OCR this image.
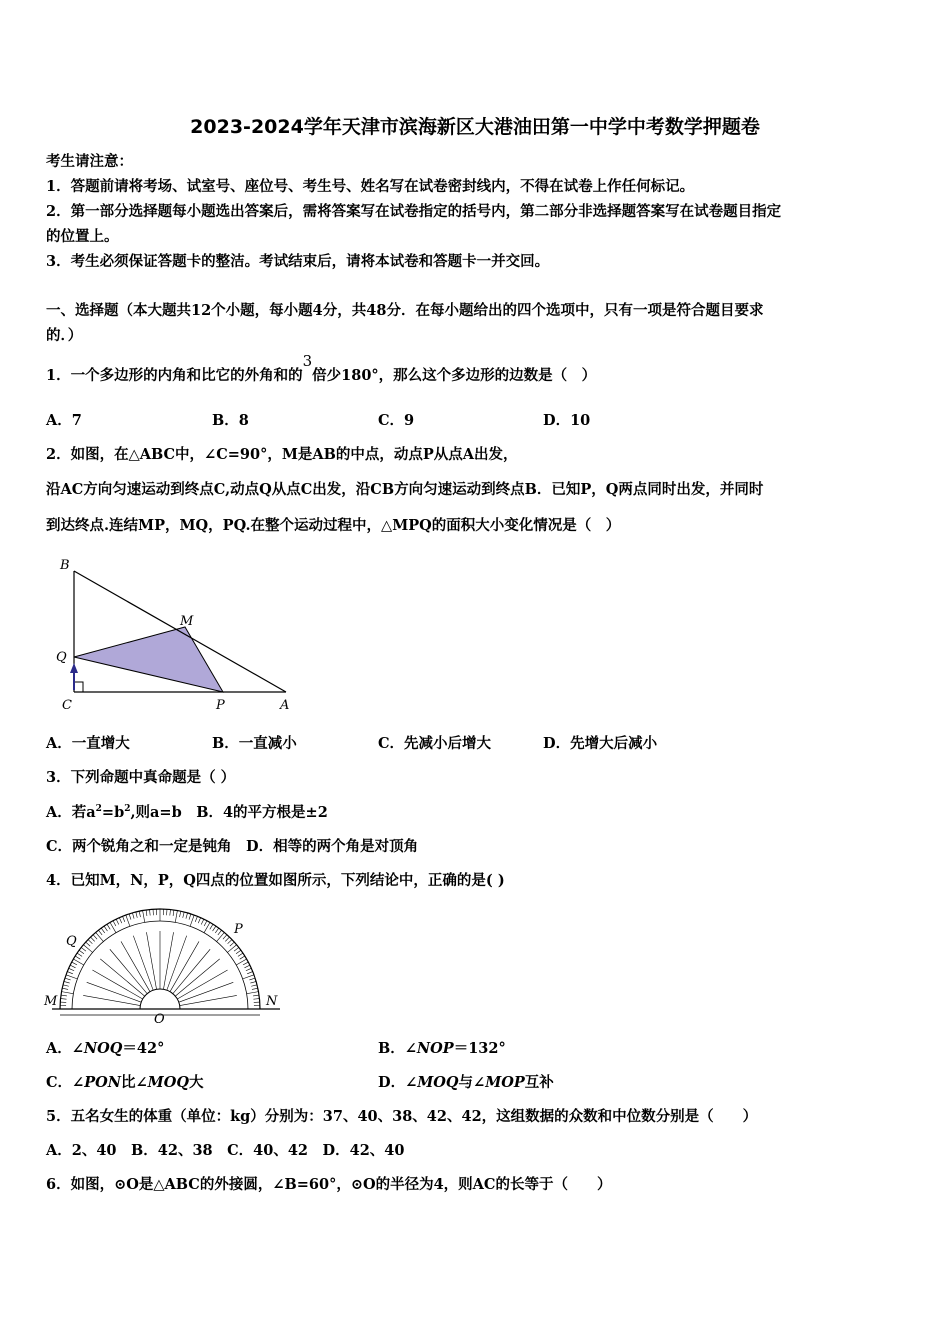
2023-2024学年天津市滨海新区大港油田第一中学中考数学押题卷
考生请注意：
1．答题前请将考场、试室号、座位号、考生号、姓名写在试卷密封线内，不得在试卷上作任何标记。
2．第一部分选择题每小题选出答案后，需将答案写在试卷指定的括号内，第二部分非选择题答案写在试卷题目指定
的位置上。
3．考生必须保证答题卡的整洁。考试结束后，请将本试卷和答题卡一并交回。
一、选择题（本大题共12个小题，每小题4分，共48分．在每小题给出的四个选项中，只有一项是符合题目要求
的．）
1．一个多边形的内角和比它的外角和的3倍少180°，那么这个多边形的边数是（　）
A．7	B．8	C．9	D．10
2．如图，在△ABC中，∠C=90°，M是AB的中点，动点P从点A出发，
沿AC方向匀速运动到终点C,动点Q从点C出发，沿CB方向匀速运动到终点B．已知P，Q两点同时出发，并同时
到达终点.连结MP，MQ，PQ.在整个运动过程中，△MPQ的面积大小变化情况是（　）
B
M
Q
C	P	A
A．一直增大	B．一直减小	C．先减小后增大	D．先增大后减小
3．下列命题中真命题是（ ）
A．若$a^2=b^2$,则a=b　B．4的平方根是±2
C．两个锐角之和一定是钝角　D．相等的两个角是对顶角
4．已知M，N，P，Q四点的位置如图所示，下列结论中，正确的是( )
Q
P
M	N
O
A．∠NOQ＝42°	B．∠NOP＝132°
C．∠PON比∠MOQ大	D．∠MOQ与∠MOP互补
5．五名女生的体重（单位：kg）分别为：37、40、38、42、42，这组数据的众数和中位数分别是（　　）
A．2、40　B．42、38　C．40、42　D．42、40
6．如图，⊙O是△ABC的外接圆，∠B=60°，⊙O的半径为4，则AC的长等于（　　）
